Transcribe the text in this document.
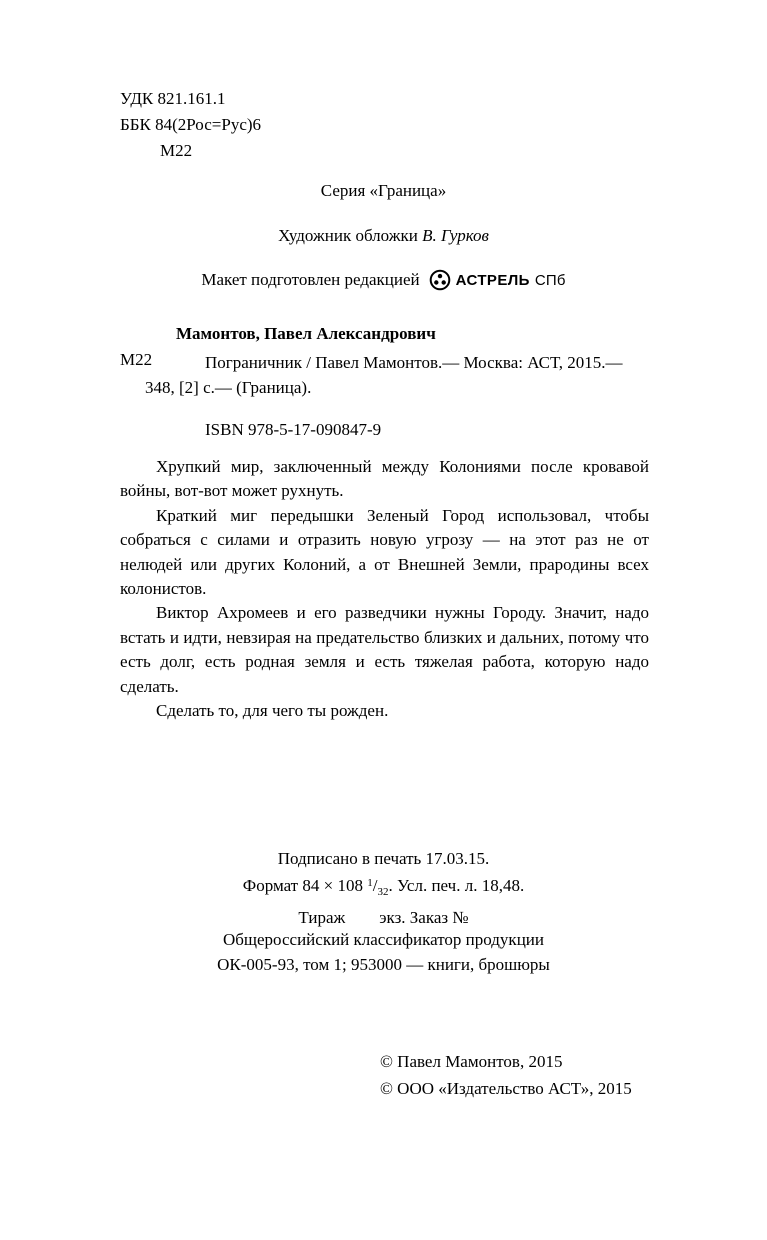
УДК 821.161.1
ББК 84(2Рос=Рус)6
М22
Серия «Граница»
Художник обложки В. Гурков
Макет подготовлен редакцией АСТРЕЛЬ СПб
Мамонтов, Павел Александрович
М22	Пограничник / Павел Мамонтов.— Москва: АСТ, 2015.— 348, [2] с.— (Граница).
ISBN 978-5-17-090847-9

Хрупкий мир, заключенный между Колониями после кровавой войны, вот-вот может рухнуть.

Краткий миг передышки Зеленый Город использовал, чтобы собраться с силами и отразить новую угрозу — на этот раз не от нелюдей или других Колоний, а от Внешней Земли, прародины всех колонистов.

Виктор Ахромеев и его разведчики нужны Городу. Значит, надо встать и идти, невзирая на предательство близких и дальних, потому что есть долг, есть родная земля и есть тяжелая работа, которую надо сделать.

Сделать то, для чего ты рожден.

Подписано в печать 17.03.15.
Формат 84 × 108 $^1/_{32}$. Усл. печ. л. 18,48.
Тираж        экз. Заказ №
Общероссийский классификатор продукции
ОК-005-93, том 1; 953000 — книги, брошюры
© Павел Мамонтов, 2015
© ООО «Издательство АСТ», 2015
